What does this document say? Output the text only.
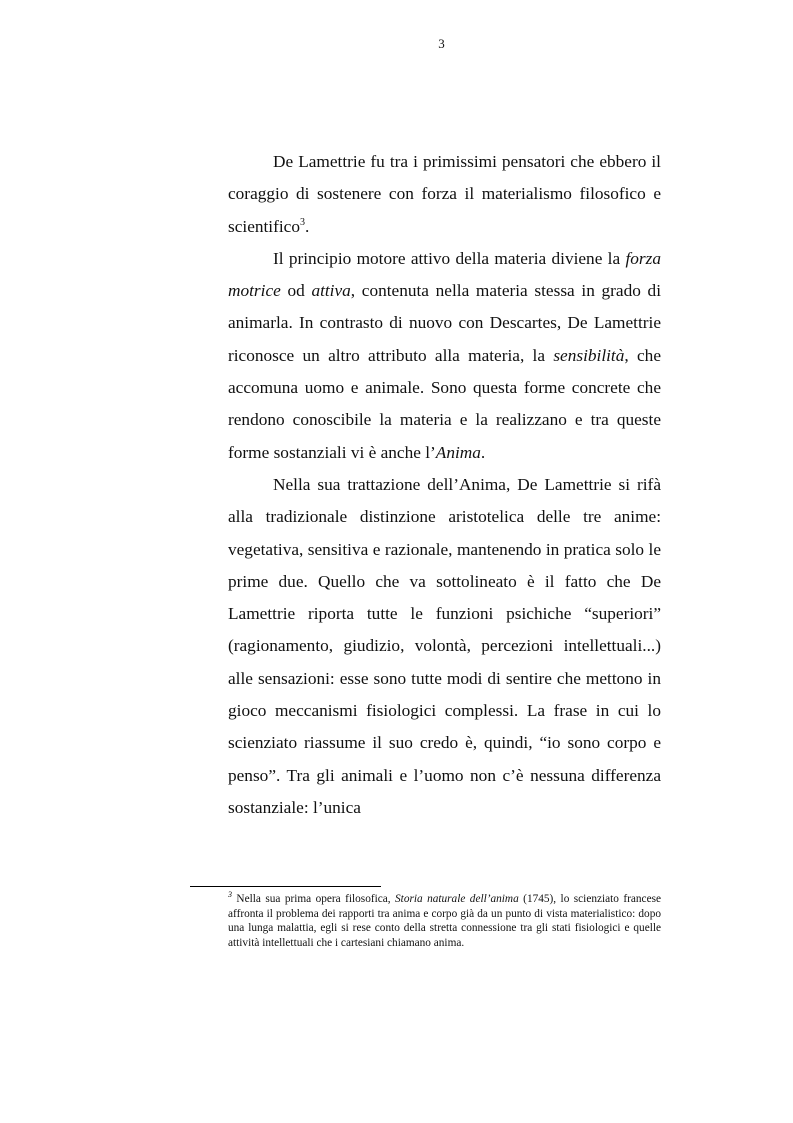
3

De Lamettrie fu tra i primissimi pensatori che ebbero il coraggio di sostenere con forza il materialismo filosofico e scientifico$^3$.

Il principio motore attivo della materia diviene la forza motrice od attiva, contenuta nella materia stessa in grado di animarla. In contrasto di nuovo con Descartes, De Lamettrie riconosce un altro attributo alla materia, la sensibilità, che accomuna uomo e animale. Sono questa forme concrete che rendono conoscibile la materia e la realizzano e tra queste forme sostanziali vi è anche l’Anima.

Nella sua trattazione dell’Anima, De Lamettrie si rifà alla tradizionale distinzione aristotelica delle tre anime: vegetativa, sensitiva e razionale, mantenendo in pratica solo le prime due. Quello che va sottolineato è il fatto che De Lamettrie riporta tutte le funzioni psichiche “superiori” (ragionamento, giudizio, volontà, percezioni intellettuali...) alle sensazioni: esse sono tutte modi di sentire che mettono in gioco meccanismi fisiologici complessi. La frase in cui lo scienziato riassume il suo credo è, quindi, “io sono corpo e penso”. Tra gli animali e l’uomo non c’è nessuna differenza sostanziale: l’unica

$^3$ Nella sua prima opera filosofica, Storia naturale dell’anima (1745), lo scienziato francese affronta il problema dei rapporti tra anima e corpo già da un punto di vista materialistico: dopo una lunga malattia, egli si rese conto della stretta connessione tra gli stati fisiologici e quelle attività intellettuali che i cartesiani chiamano anima.
